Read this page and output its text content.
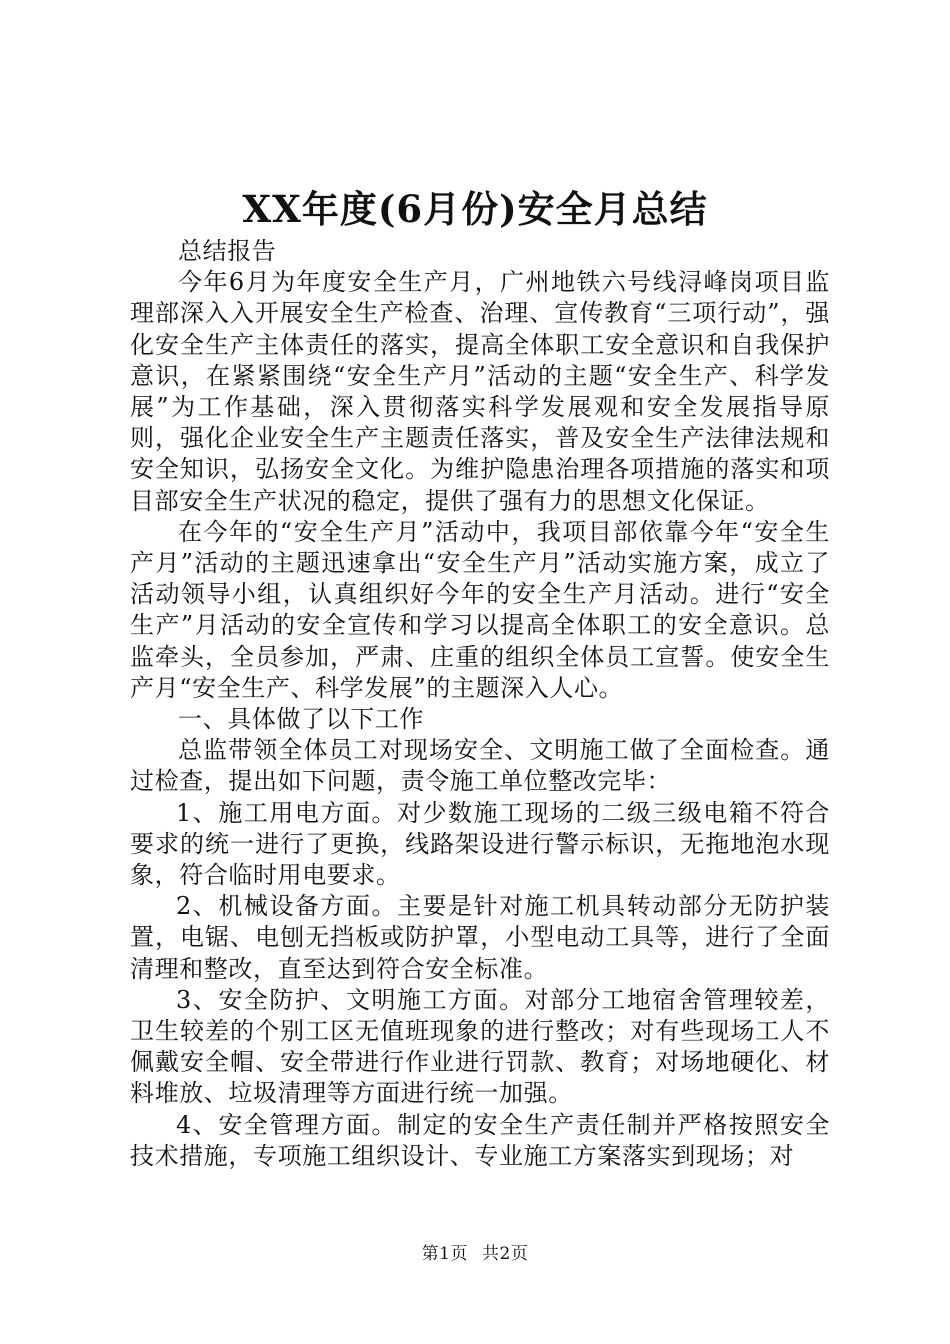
XX年度(6月份)安全月总结

总结报告

今年6月为年度安全生产月，广州地铁六号线浔峰岗项目监理部深入入开展安全生产检查、治理、宣传教育“三项行动”，强化安全生产主体责任的落实，提高全体职工安全意识和自我保护意识，在紧紧围绕“安全生产月”活动的主题“安全生产、科学发展”为工作基础，深入贯彻落实科学发展观和安全发展指导原则，强化企业安全生产主题责任落实，普及安全生产法律法规和安全知识，弘扬安全文化。为维护隐患治理各项措施的落实和项目部安全生产状况的稳定，提供了强有力的思想文化保证。

在今年的“安全生产月”活动中，我项目部依靠今年“安全生产月”活动的主题迅速拿出“安全生产月”活动实施方案，成立了活动领导小组，认真组织好今年的安全生产月活动。进行“安全生产”月活动的安全宣传和学习以提高全体职工的安全意识。总监牵头，全员参加，严肃、庄重的组织全体员工宣誓。使安全生产月“安全生产、科学发展”的主题深入人心。

一、具体做了以下工作

总监带领全体员工对现场安全、文明施工做了全面检查。通过检查，提出如下问题，责令施工单位整改完毕：

1、施工用电方面。对少数施工现场的二级三级电箱不符合要求的统一进行了更换，线路架设进行警示标识，无拖地泡水现象，符合临时用电要求。

2、机械设备方面。主要是针对施工机具转动部分无防护装置，电锯、电刨无挡板或防护罩，小型电动工具等，进行了全面清理和整改，直至达到符合安全标准。

3、安全防护、文明施工方面。对部分工地宿舍管理较差，卫生较差的个别工区无值班现象的进行整改；对有些现场工人不佩戴安全帽、安全带进行作业进行罚款、教育；对场地硬化、材料堆放、垃圾清理等方面进行统一加强。

4、安全管理方面。制定的安全生产责任制并严格按照安全技术措施，专项施工组织设计、专业施工方案落实到现场；对

第1页 共2页
